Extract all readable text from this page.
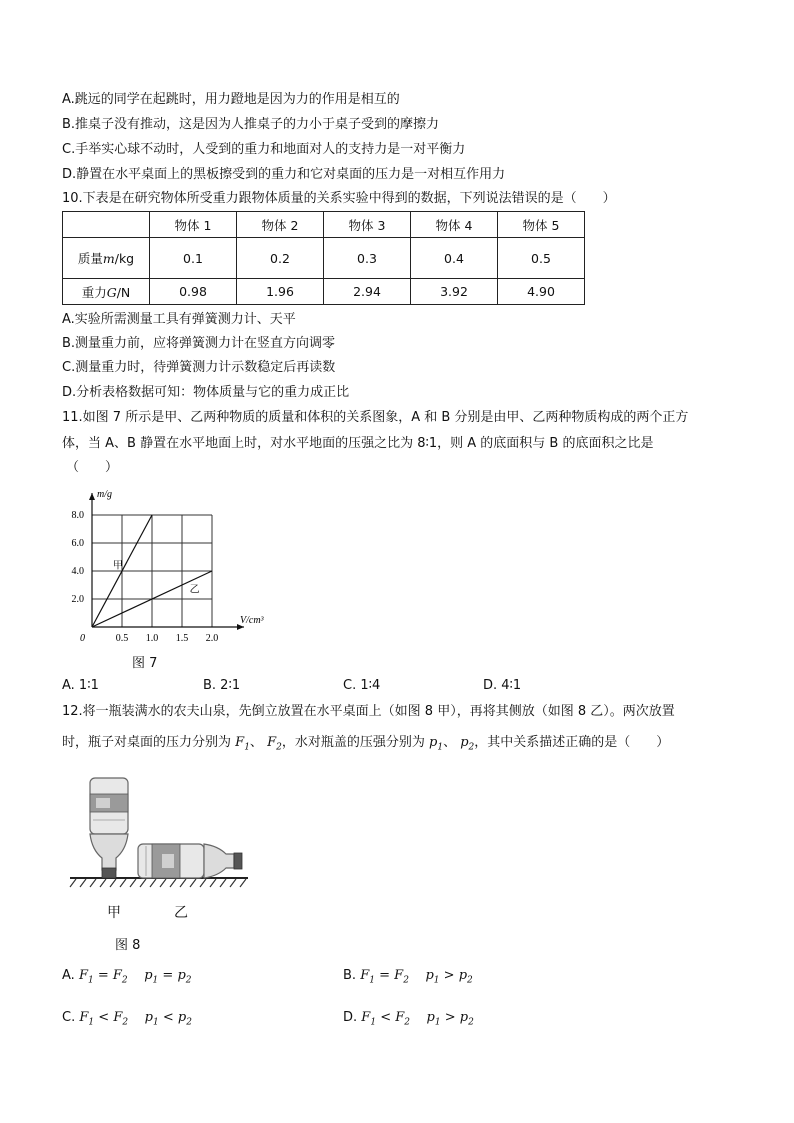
A.跳远的同学在起跳时，用力蹬地是因为力的作用是相互的
B.推桌子没有推动，这是因为人推桌子的力小于桌子受到的摩擦力
C.手举实心球不动时，人受到的重力和地面对人的支持力是一对平衡力
D.静置在水平桌面上的黑板擦受到的重力和它对桌面的压力是一对相互作用力
10.下表是在研究物体所受重力跟物体质量的关系实验中得到的数据，下列说法错误的是（　　）
	物体 1	物体 2	物体 3	物体 4	物体 5
质量m/kg	0.1	0.2	0.3	0.4	0.5
重力G/N	0.98	1.96	2.94	3.92	4.90
A.实验所需测量工具有弹簧测力计、天平
B.测量重力前，应将弹簧测力计在竖直方向调零
C.测量重力时，待弹簧测力计示数稳定后再读数
D.分析表格数据可知：物体质量与它的重力成正比
11.如图 7 所示是甲、乙两种物质的质量和体积的关系图象，A 和 B 分别是由甲、乙两种物质构成的两个正方
体，当 A、B 静置在水平地面上时，对水平地面的压强之比为 8∶1，则 A 的底面积与 B 的底面积之比是
（　　）
0.5 1.0 1.5 2.0
2.0
4.0
6.0
8.0
0
m/g
V/cm³
甲
乙
图 7
A. 1∶1	B. 2∶1	C. 1∶4	D. 4∶1
12.将一瓶装满水的农夫山泉，先倒立放置在水平桌面上（如图 8 甲），再将其侧放（如图 8 乙）。两次放置
时，瓶子对桌面的压力分别为 $F_1$、 $F_2$，水对瓶盖的压强分别为 $p_1$、 $p_2$，其中关系描述正确的是（　　）
甲	乙
图 8
A. $F_1 = F_2$ $p_1 = p_2$	B. $F_1 = F_2$ $p_1 > p_2$
C. $F_1 < F_2$ $p_1 < p_2$	D. $F_1 < F_2$ $p_1 > p_2$
